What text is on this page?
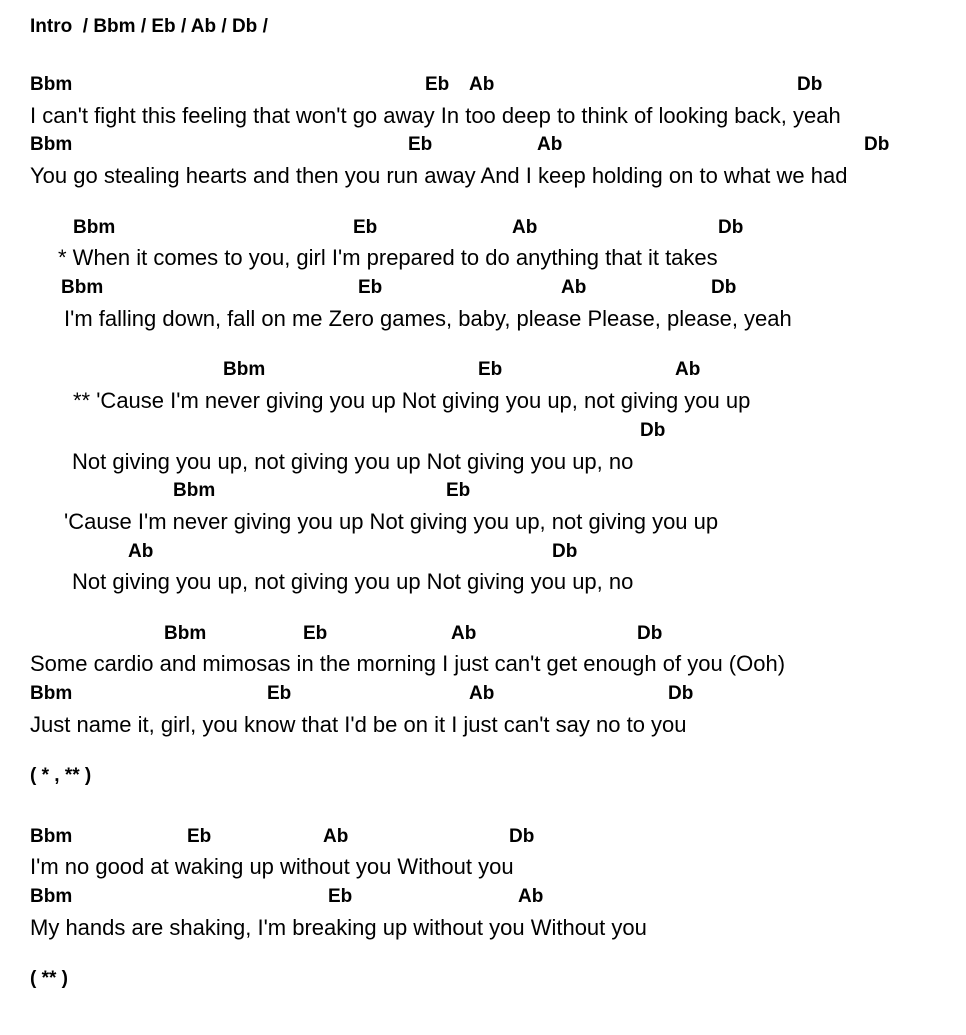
Intro  / Bbm / Eb / Ab / Db /
Bbm	Eb Ab	Db
I can't fight this feeling that won't go away In too deep to think of looking back, yeah
Bbm	Eb	Ab	Db
You go stealing hearts and then you run away And I keep holding on to what we had
Bbm	Eb	Ab	Db
* When it comes to you, girl I'm prepared to do anything that it takes
Bbm	Eb	Ab	Db
I'm falling down, fall on me Zero games, baby, please Please, please, yeah
Bbm	Eb	Ab
** 'Cause I'm never giving you up Not giving you up, not giving you up
Db
Not giving you up, not giving you up Not giving you up, no
Bbm	Eb
'Cause I'm never giving you up Not giving you up, not giving you up
Ab	Db
Not giving you up, not giving you up Not giving you up, no
Bbm	Eb	Ab	Db
Some cardio and mimosas in the morning I just can't get enough of you (Ooh)
Bbm	Eb	Ab	Db
Just name it, girl, you know that I'd be on it I just can't say no to you
( * , ** )
Bbm	Eb	Ab	Db
I'm no good at waking up without you Without you
Bbm	Eb	Ab
My hands are shaking, I'm breaking up without you Without you
( ** )
